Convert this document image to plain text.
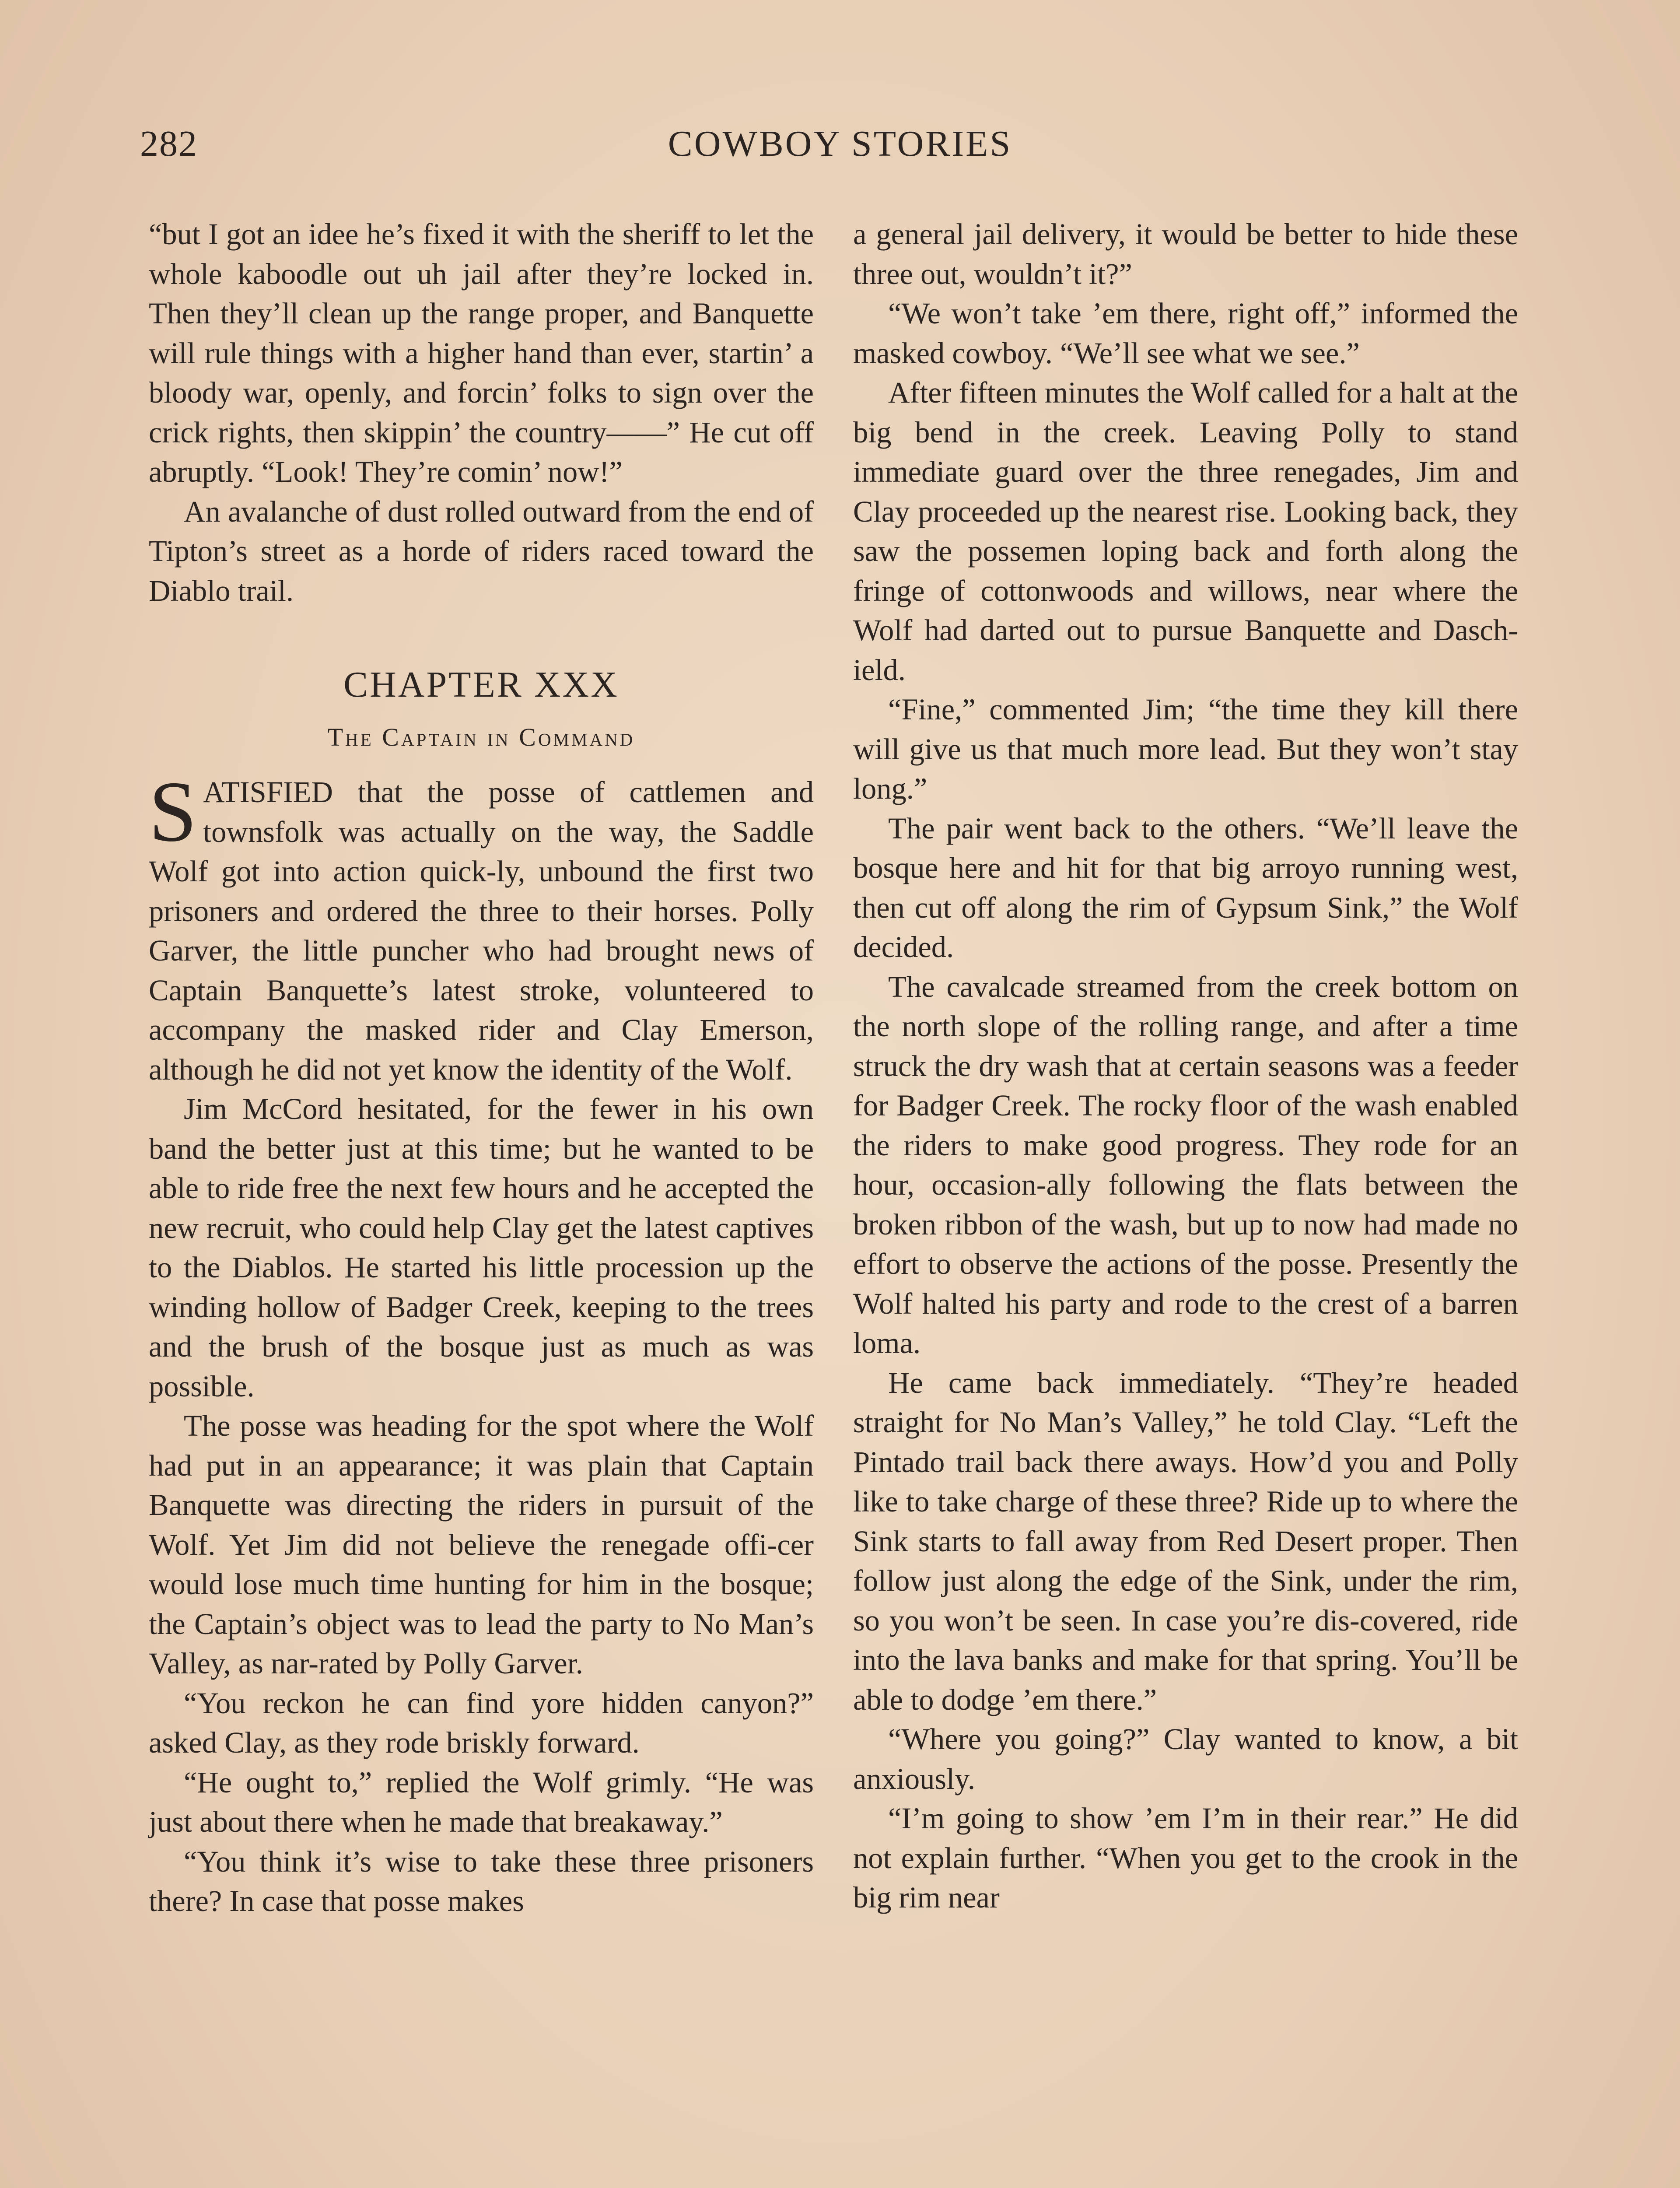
282	COWBOY STORIES

“but I got an idee he’s fixed it with the sheriff to let the whole kaboodle out uh jail after they’re locked in. Then they’ll clean up the range proper, and Banquette will rule things with a higher hand than ever, startin’ a bloody war, openly, and forcin’ folks to sign over the crick rights, then skippin’ the country——” He cut off abruptly. “Look! They’re comin’ now!”

An avalanche of dust rolled outward from the end of Tipton’s street as a horde of riders raced toward the Diablo trail.

CHAPTER XXX
The Captain in Command

SATISFIED that the posse of cattlemen and townsfolk was actually on the way, the Saddle Wolf got into action quick-ly, unbound the first two prisoners and ordered the three to their horses. Polly Garver, the little puncher who had brought news of Captain Banquette’s latest stroke, volunteered to accompany the masked rider and Clay Emerson, although he did not yet know the identity of the Wolf.

Jim McCord hesitated, for the fewer in his own band the better just at this time; but he wanted to be able to ride free the next few hours and he accepted the new recruit, who could help Clay get the latest captives to the Diablos. He started his little procession up the winding hollow of Badger Creek, keeping to the trees and the brush of the bosque just as much as was possible.

The posse was heading for the spot where the Wolf had put in an appearance; it was plain that Captain Banquette was directing the riders in pursuit of the Wolf. Yet Jim did not believe the renegade offi-cer would lose much time hunting for him in the bosque; the Captain’s object was to lead the party to No Man’s Valley, as nar-rated by Polly Garver.

“You reckon he can find yore hidden canyon?” asked Clay, as they rode briskly forward.

“He ought to,” replied the Wolf grimly. “He was just about there when he made that breakaway.”

“You think it’s wise to take these three prisoners there? In case that posse makes

a general jail delivery, it would be better to hide these three out, wouldn’t it?”

“We won’t take ’em there, right off,” informed the masked cowboy. “We’ll see what we see.”

After fifteen minutes the Wolf called for a halt at the big bend in the creek. Leaving Polly to stand immediate guard over the three renegades, Jim and Clay proceeded up the nearest rise. Looking back, they saw the possemen loping back and forth along the fringe of cottonwoods and willows, near where the Wolf had darted out to pursue Banquette and Dasch-ield.

“Fine,” commented Jim; “the time they kill there will give us that much more lead. But they won’t stay long.”

The pair went back to the others. “We’ll leave the bosque here and hit for that big arroyo running west, then cut off along the rim of Gypsum Sink,” the Wolf decided.

The cavalcade streamed from the creek bottom on the north slope of the rolling range, and after a time struck the dry wash that at certain seasons was a feeder for Badger Creek. The rocky floor of the wash enabled the riders to make good progress. They rode for an hour, occasion-ally following the flats between the broken ribbon of the wash, but up to now had made no effort to observe the actions of the posse. Presently the Wolf halted his party and rode to the crest of a barren loma.

He came back immediately. “They’re headed straight for No Man’s Valley,” he told Clay. “Left the Pintado trail back there aways. How’d you and Polly like to take charge of these three? Ride up to where the Sink starts to fall away from Red Desert proper. Then follow just along the edge of the Sink, under the rim, so you won’t be seen. In case you’re dis-covered, ride into the lava banks and make for that spring. You’ll be able to dodge ’em there.”

“Where you going?” Clay wanted to know, a bit anxiously.

“I’m going to show ’em I’m in their rear.” He did not explain further. “When you get to the crook in the big rim near
